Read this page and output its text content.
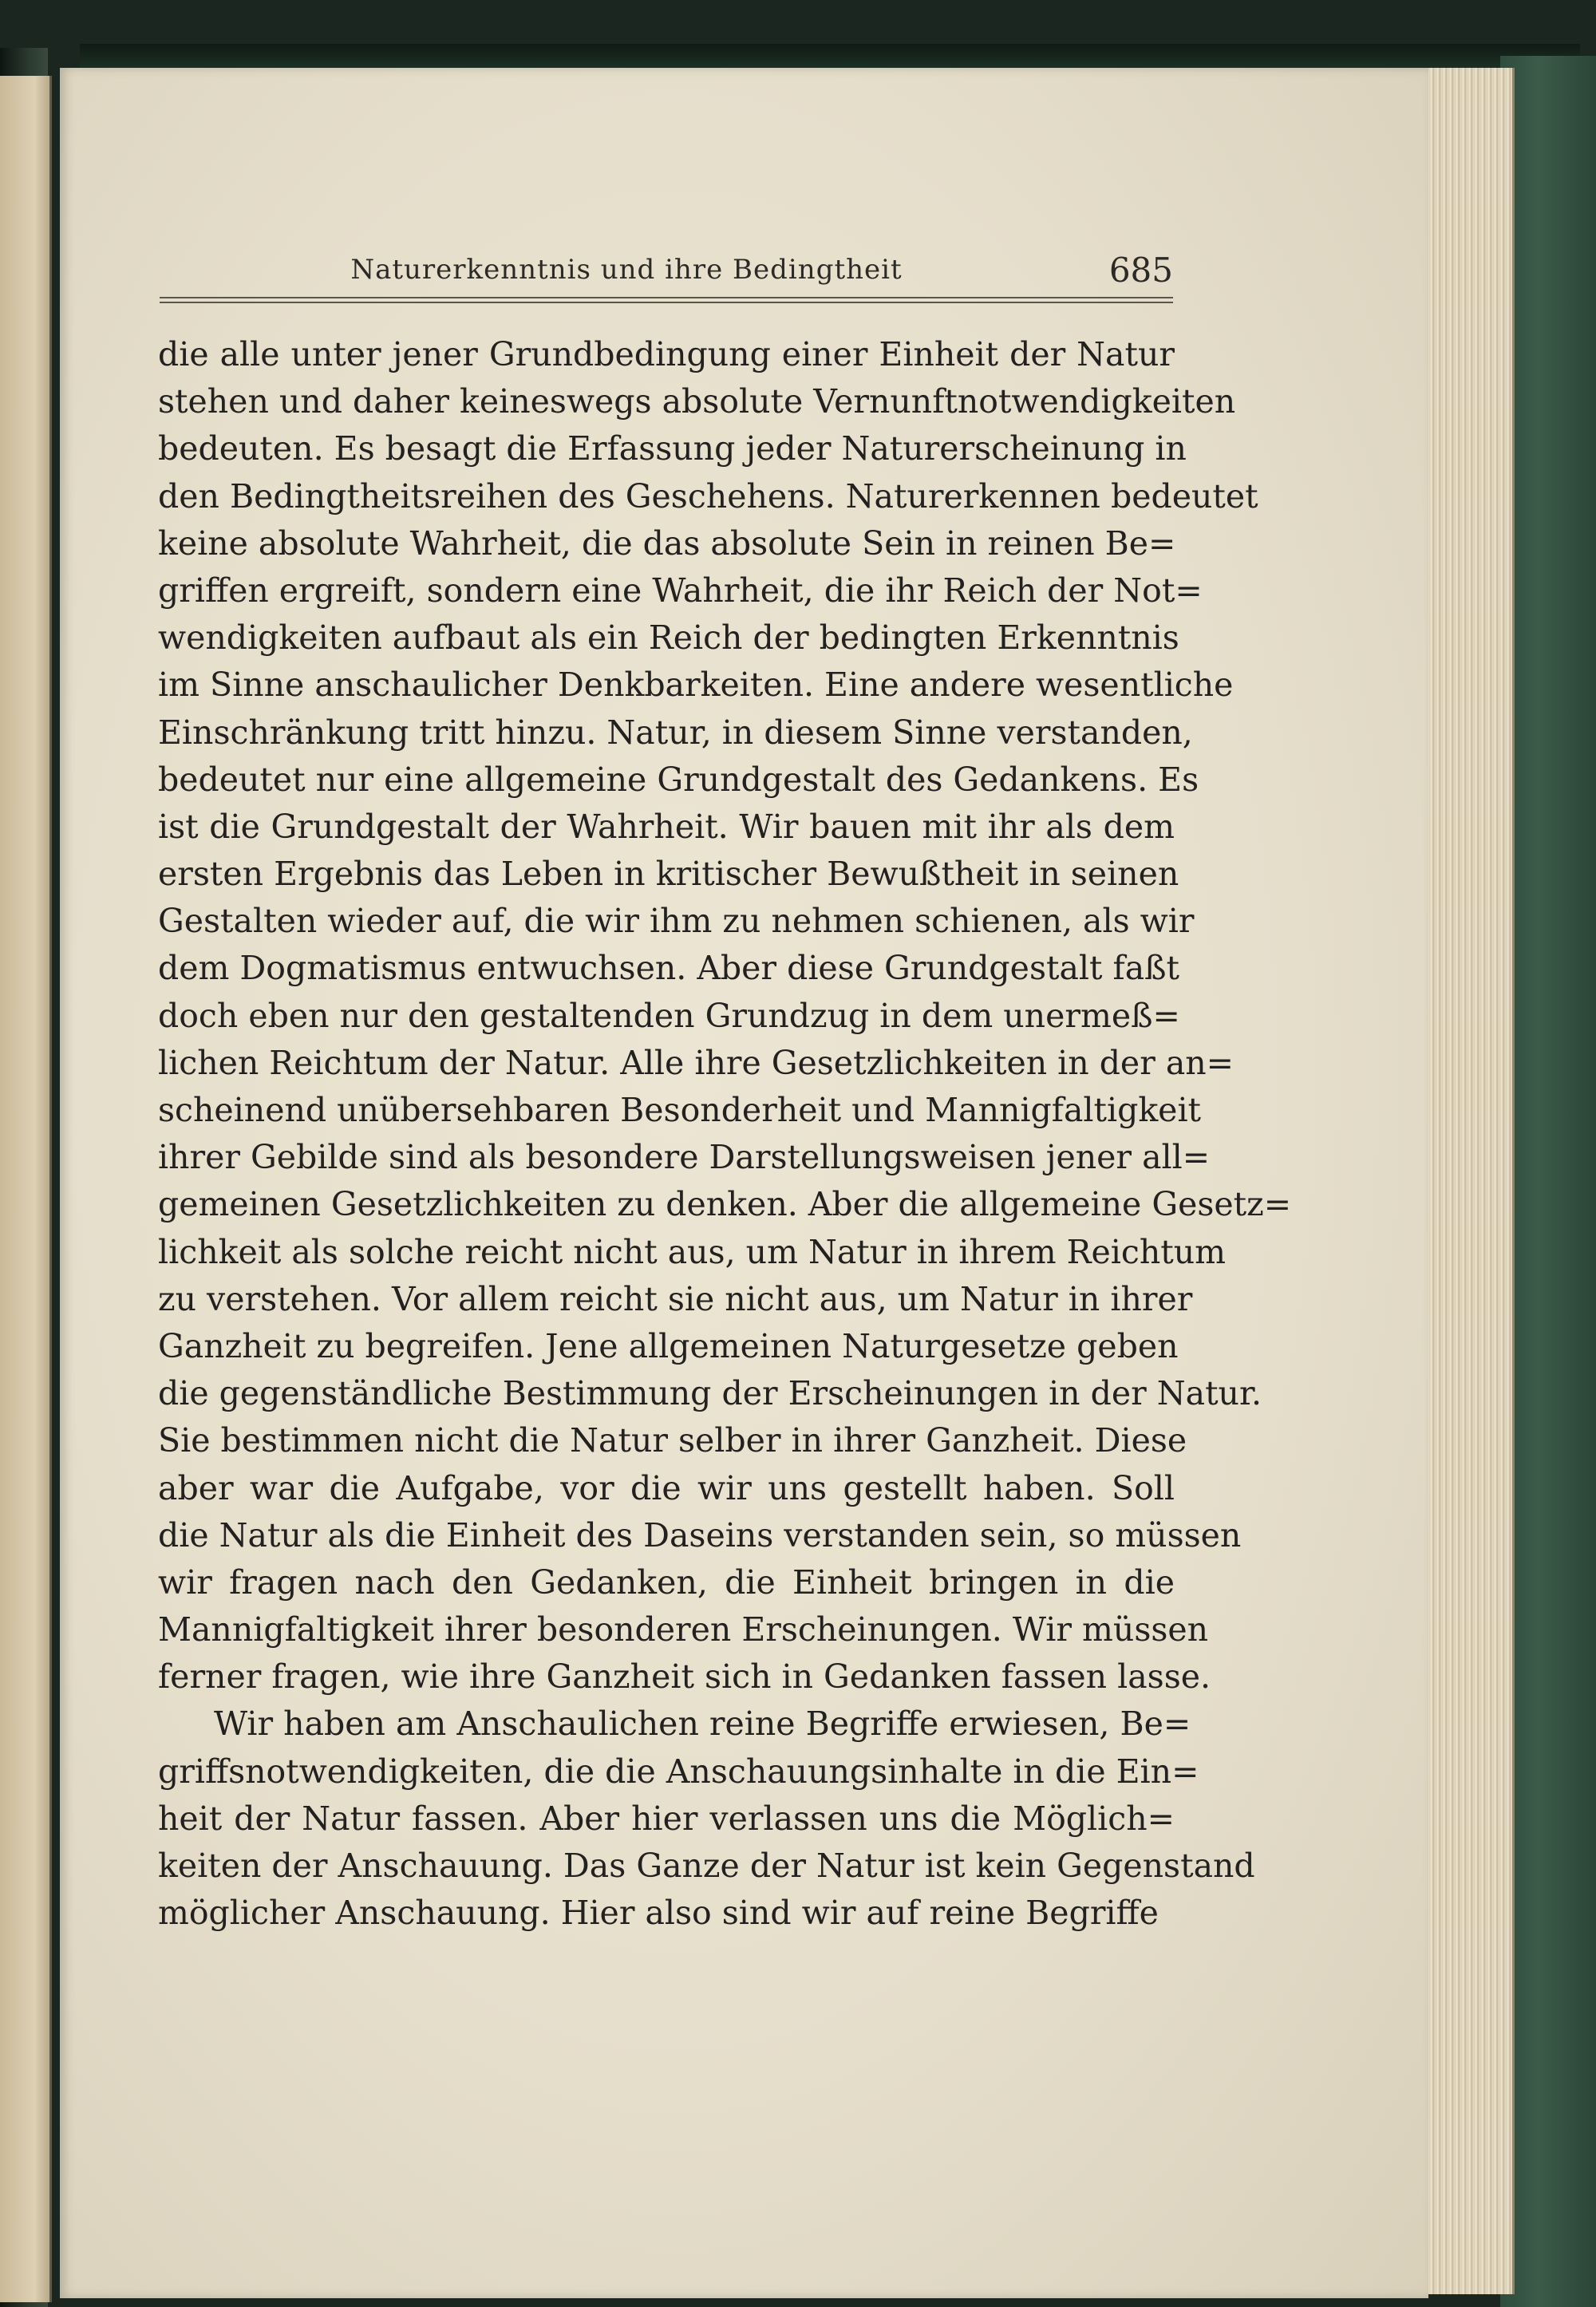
Naturerkenntnis und ihre Bedingtheit	685
die alle unter jener Grundbedingung einer Einheit der Natur
stehen und daher keineswegs absolute Vernunftnotwendigkeiten
bedeuten. Es besagt die Erfassung jeder Naturerscheinung in
den Bedingtheitsreihen des Geschehens. Naturerkennen bedeutet
keine absolute Wahrheit, die das absolute Sein in reinen Be=
griffen ergreift, sondern eine Wahrheit, die ihr Reich der Not=
wendigkeiten aufbaut als ein Reich der bedingten Erkenntnis
im Sinne anschaulicher Denkbarkeiten. Eine andere wesentliche
Einschränkung tritt hinzu. Natur, in diesem Sinne verstanden,
bedeutet nur eine allgemeine Grundgestalt des Gedankens. Es
ist die Grundgestalt der Wahrheit. Wir bauen mit ihr als dem
ersten Ergebnis das Leben in kritischer Bewußtheit in seinen
Gestalten wieder auf, die wir ihm zu nehmen schienen, als wir
dem Dogmatismus entwuchsen. Aber diese Grundgestalt faßt
doch eben nur den gestaltenden Grundzug in dem unermeß=
lichen Reichtum der Natur. Alle ihre Gesetzlichkeiten in der an=
scheinend unübersehbaren Besonderheit und Mannigfaltigkeit
ihrer Gebilde sind als besondere Darstellungsweisen jener all=
gemeinen Gesetzlichkeiten zu denken. Aber die allgemeine Gesetz=
lichkeit als solche reicht nicht aus, um Natur in ihrem Reichtum
zu verstehen. Vor allem reicht sie nicht aus, um Natur in ihrer
Ganzheit zu begreifen. Jene allgemeinen Naturgesetze geben
die gegenständliche Bestimmung der Erscheinungen in der Natur.
Sie bestimmen nicht die Natur selber in ihrer Ganzheit. Diese
aber war die Aufgabe, vor die wir uns gestellt haben. Soll
die Natur als die Einheit des Daseins verstanden sein, so müssen
wir fragen nach den Gedanken, die Einheit bringen in die
Mannigfaltigkeit ihrer besonderen Erscheinungen. Wir müssen
ferner fragen, wie ihre Ganzheit sich in Gedanken fassen lasse.
Wir haben am Anschaulichen reine Begriffe erwiesen, Be=
griffsnotwendigkeiten, die die Anschauungsinhalte in die Ein=
heit der Natur fassen. Aber hier verlassen uns die Möglich=
keiten der Anschauung. Das Ganze der Natur ist kein Gegenstand
möglicher Anschauung. Hier also sind wir auf reine Begriffe
